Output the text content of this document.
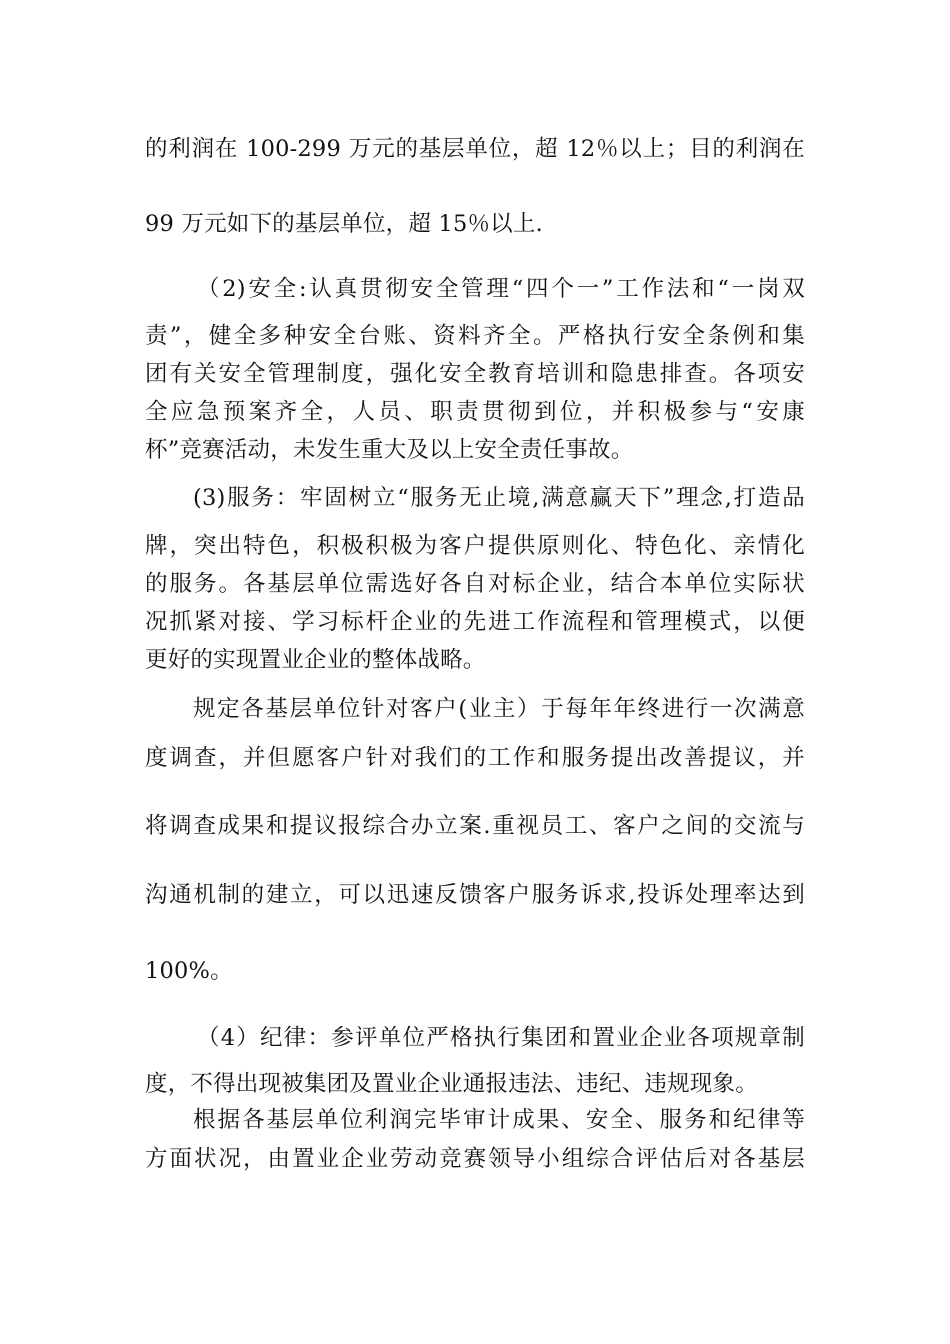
的利润在 100-299 万元的基层单位，超 12％以上；目的利润在
99 万元如下的基层单位，超 15％以上.
（2)安全:认真贯彻安全管理“四个一”工作法和“一岗双
责”，健全多种安全台账、资料齐全。严格执行安全条例和集
团有关安全管理制度，强化安全教育培训和隐患排查。各项安
全应急预案齐全，人员、职责贯彻到位，并积极参与“安康
杯”竞赛活动，未发生重大及以上安全责任事故。
(3)服务：牢固树立“服务无止境,满意赢天下”理念,打造品
牌，突出特色，积极积极为客户提供原则化、特色化、亲情化
的服务。各基层单位需选好各自对标企业，结合本单位实际状
况抓紧对接、学习标杆企业的先进工作流程和管理模式，以便
更好的实现置业企业的整体战略。
规定各基层单位针对客户(业主）于每年年终进行一次满意
度调查，并但愿客户针对我们的工作和服务提出改善提议，并
将调查成果和提议报综合办立案.重视员工、客户之间的交流与
沟通机制的建立，可以迅速反馈客户服务诉求,投诉处理率达到
100%。
（4）纪律：参评单位严格执行集团和置业企业各项规章制
度，不得出现被集团及置业企业通报违法、违纪、违规现象。
根据各基层单位利润完毕审计成果、安全、服务和纪律等
方面状况，由置业企业劳动竞赛领导小组综合评估后对各基层
